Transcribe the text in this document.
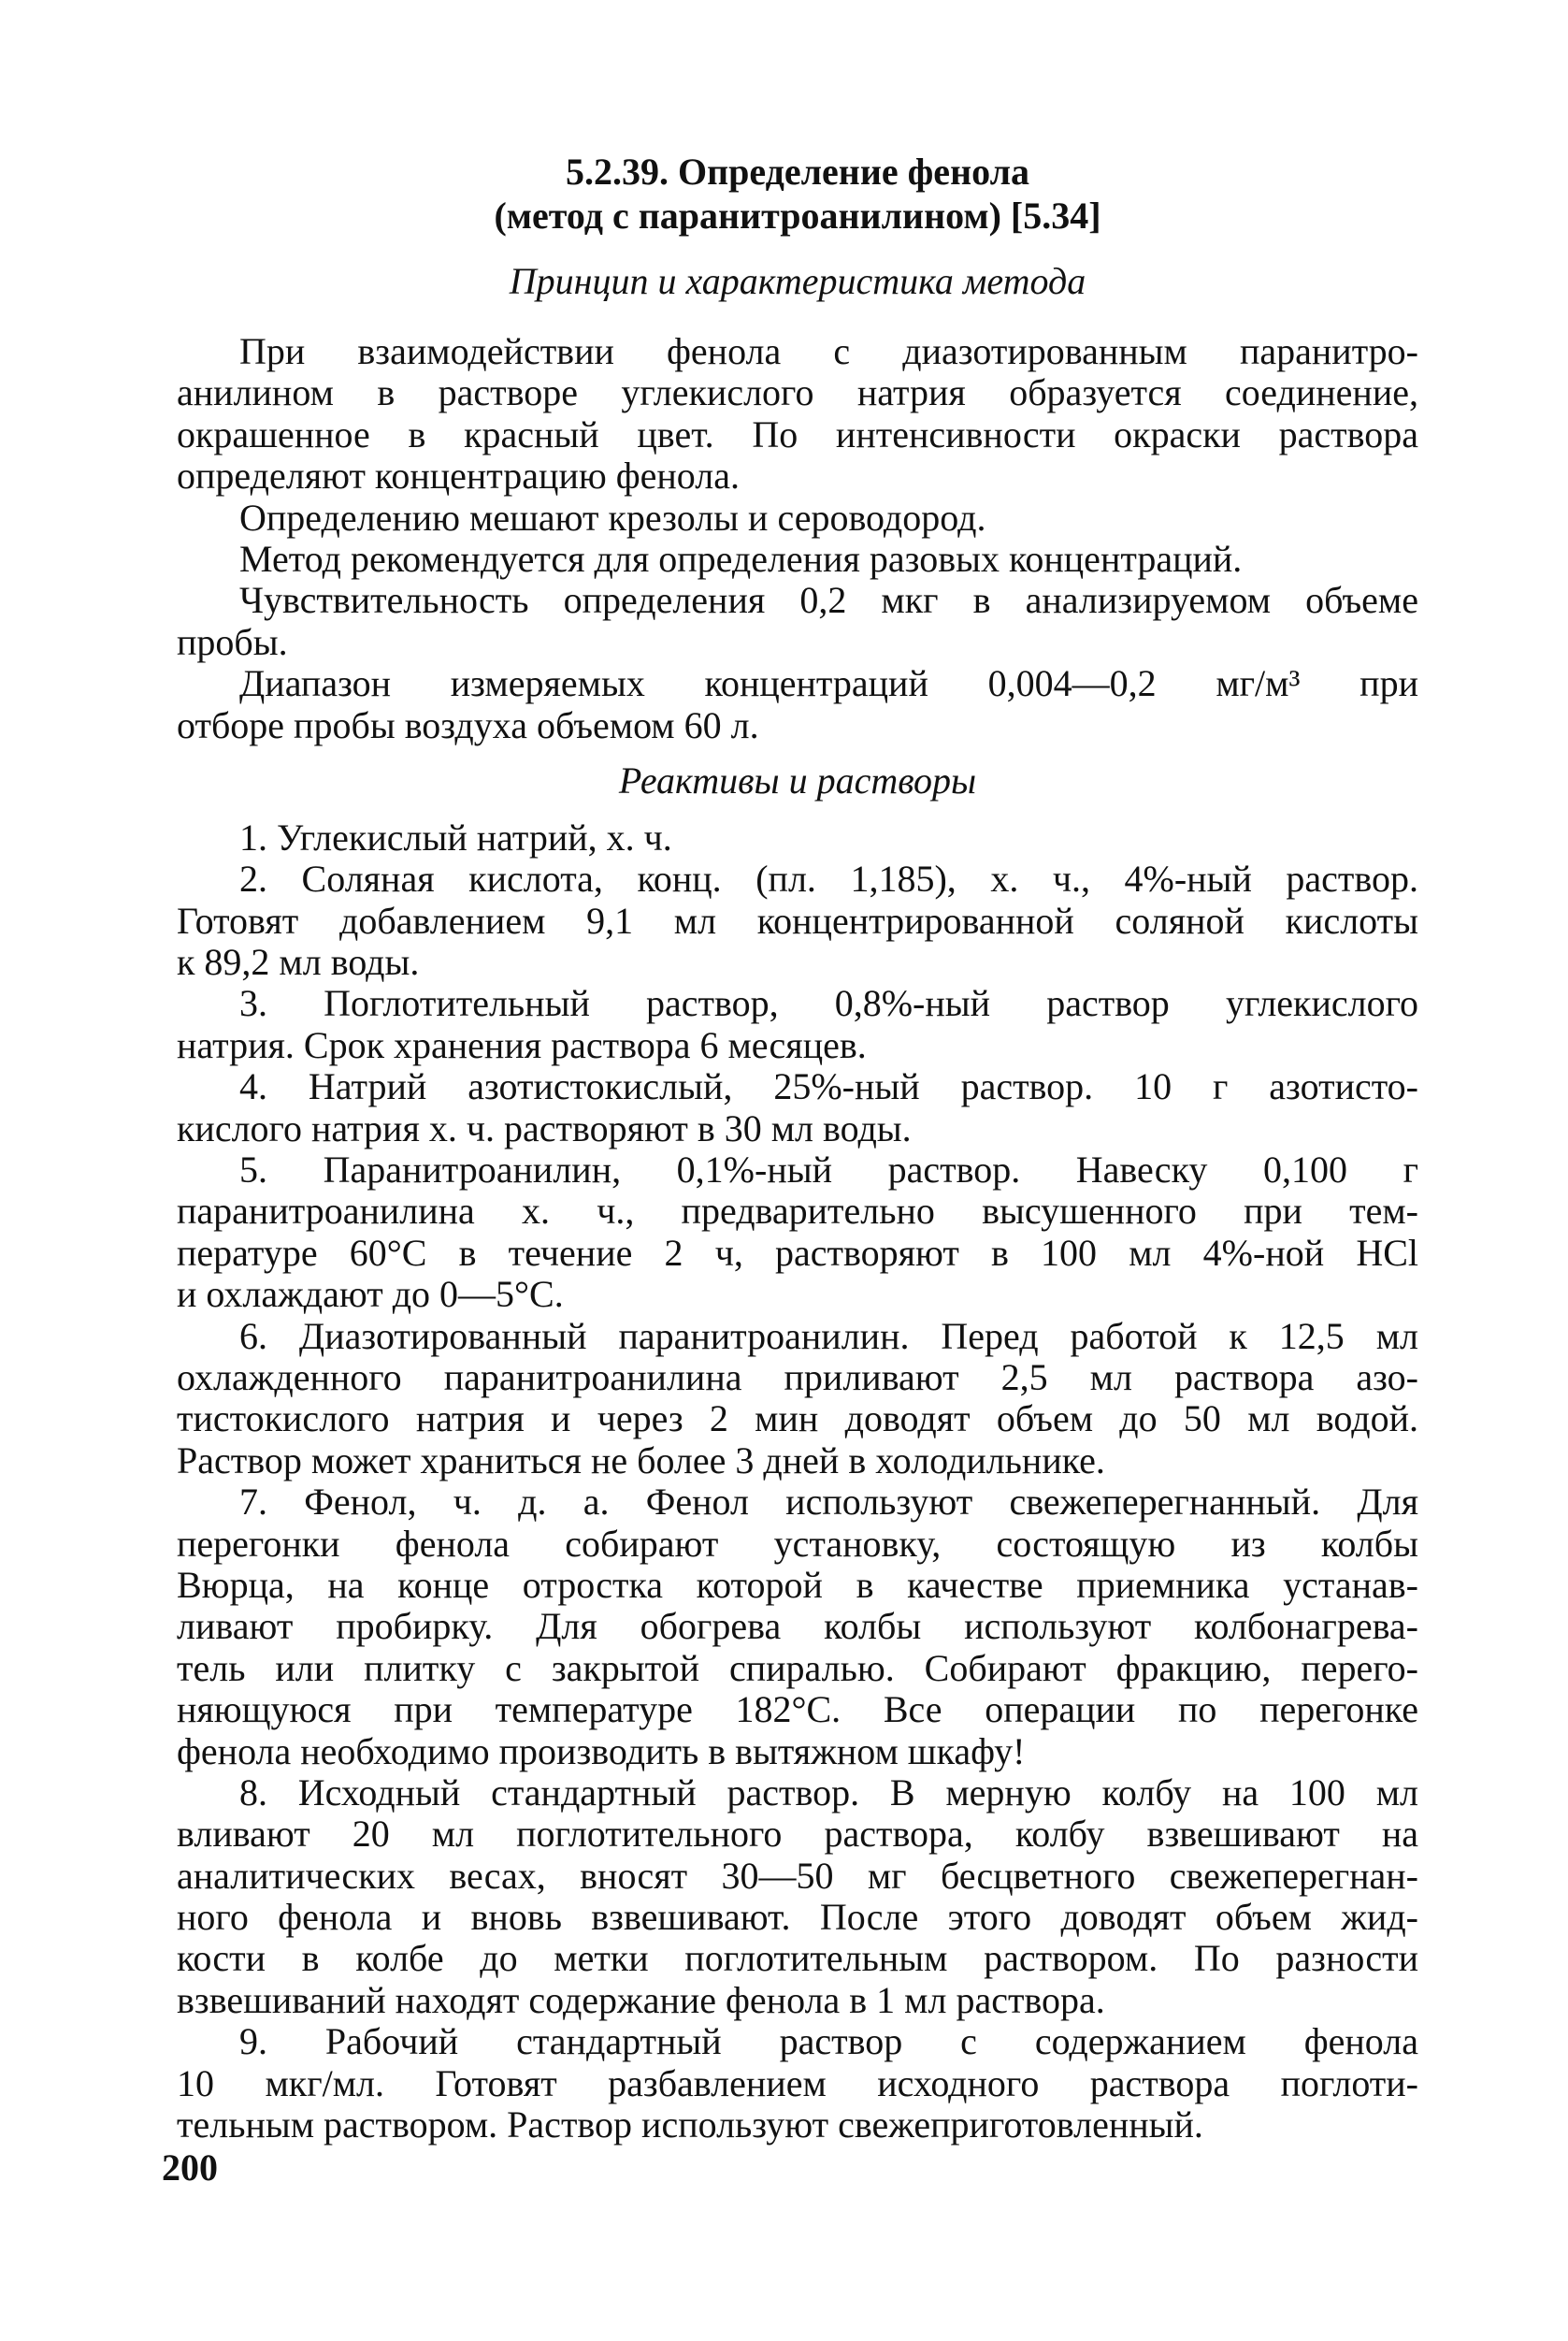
5.2.39. Определение фенола
(метод с паранитроанилином) [5.34]
Принцип и характеристика метода
При взаимодействии фенола с диазотированным паранитро-
анилином в растворе углекислого натрия образуется соединение,
окрашенное в красный цвет. По интенсивности окраски раствора
определяют концентрацию фенола.
Определению мешают крезолы и сероводород.
Метод рекомендуется для определения разовых концентраций.
Чувствительность определения 0,2 мкг в анализируемом объеме
пробы.
Диапазон измеряемых концентраций 0,004—0,2 мг/м³ при
отборе пробы воздуха объемом 60 л.
Реактивы и растворы
1. Углекислый натрий, х. ч.
2. Соляная кислота, конц. (пл. 1,185), х. ч., 4%-ный раствор.
Готовят добавлением 9,1 мл концентрированной соляной кислоты
к 89,2 мл воды.
3. Поглотительный раствор, 0,8%-ный раствор углекислого
натрия. Срок хранения раствора 6 месяцев.
4. Натрий азотистокислый, 25%-ный раствор. 10 г азотисто-
кислого натрия х. ч. растворяют в 30 мл воды.
5. Паранитроанилин, 0,1%-ный раствор. Навеску 0,100 г
паранитроанилина х. ч., предварительно высушенного при тем-
пературе 60°С в течение 2 ч, растворяют в 100 мл 4%-ной HCl
и охлаждают до 0—5°С.
6. Диазотированный паранитроанилин. Перед работой к 12,5 мл
охлажденного паранитроанилина приливают 2,5 мл раствора азо-
тистокислого натрия и через 2 мин доводят объем до 50 мл водой.
Раствор может храниться не более 3 дней в холодильнике.
7. Фенол, ч. д. а. Фенол используют свежеперегнанный. Для
перегонки фенола собирают установку, состоящую из колбы
Вюрца, на конце отростка которой в качестве приемника устанав-
ливают пробирку. Для обогрева колбы используют колбонагрева-
тель или плитку с закрытой спиралью. Собирают фракцию, перего-
няющуюся при температуре 182°С. Все операции по перегонке
фенола необходимо производить в вытяжном шкафу!
8. Исходный стандартный раствор. В мерную колбу на 100 мл
вливают 20 мл поглотительного раствора, колбу взвешивают на
аналитических весах, вносят 30—50 мг бесцветного свежеперегнан-
ного фенола и вновь взвешивают. После этого доводят объем жид-
кости в колбе до метки поглотительным раствором. По разности
взвешиваний находят содержание фенола в 1 мл раствора.
9. Рабочий стандартный раствор с содержанием фенола
10 мкг/мл. Готовят разбавлением исходного раствора поглоти-
тельным раствором. Раствор используют свежеприготовленный.
200
